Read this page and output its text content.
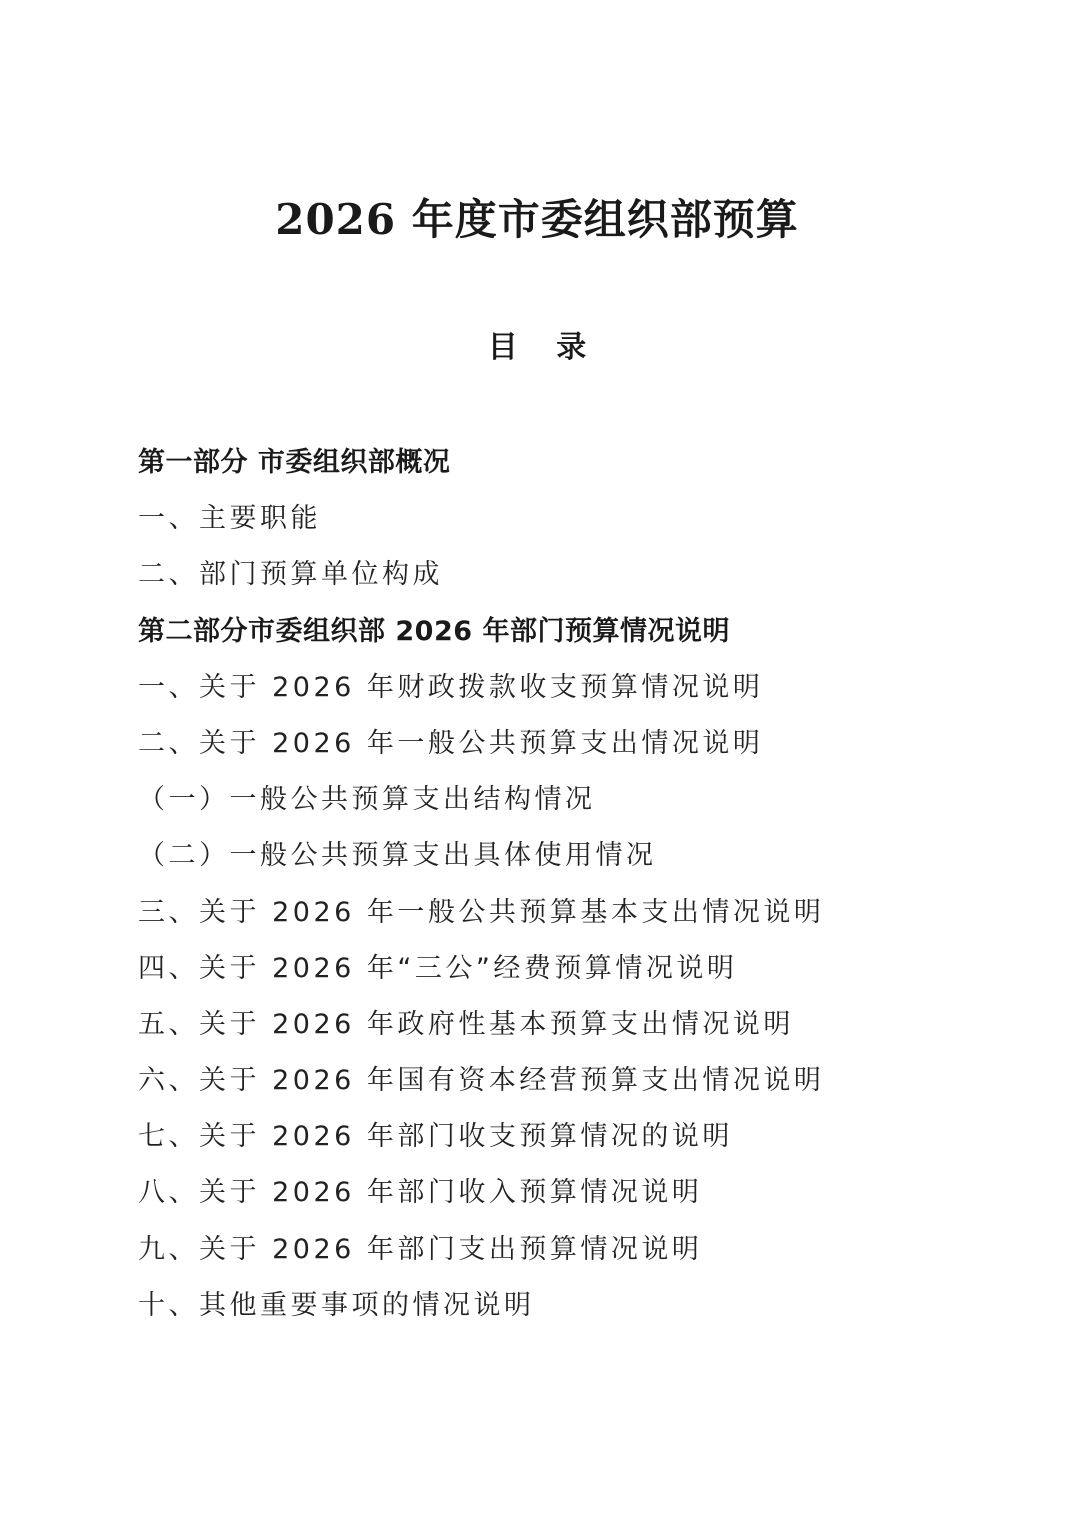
2026 年度市委组织部预算
目 录
第一部分 市委组织部概况
一、主要职能
二、部门预算单位构成
第二部分市委组织部 2026 年部门预算情况说明
一、关于 2026 年财政拨款收支预算情况说明
二、关于 2026 年一般公共预算支出情况说明
（一）一般公共预算支出结构情况
（二）一般公共预算支出具体使用情况
三、关于 2026 年一般公共预算基本支出情况说明
四、关于 2026 年“三公”经费预算情况说明
五、关于 2026 年政府性基本预算支出情况说明
六、关于 2026 年国有资本经营预算支出情况说明
七、关于 2026 年部门收支预算情况的说明
八、关于 2026 年部门收入预算情况说明
九、关于 2026 年部门支出预算情况说明
十、其他重要事项的情况说明
